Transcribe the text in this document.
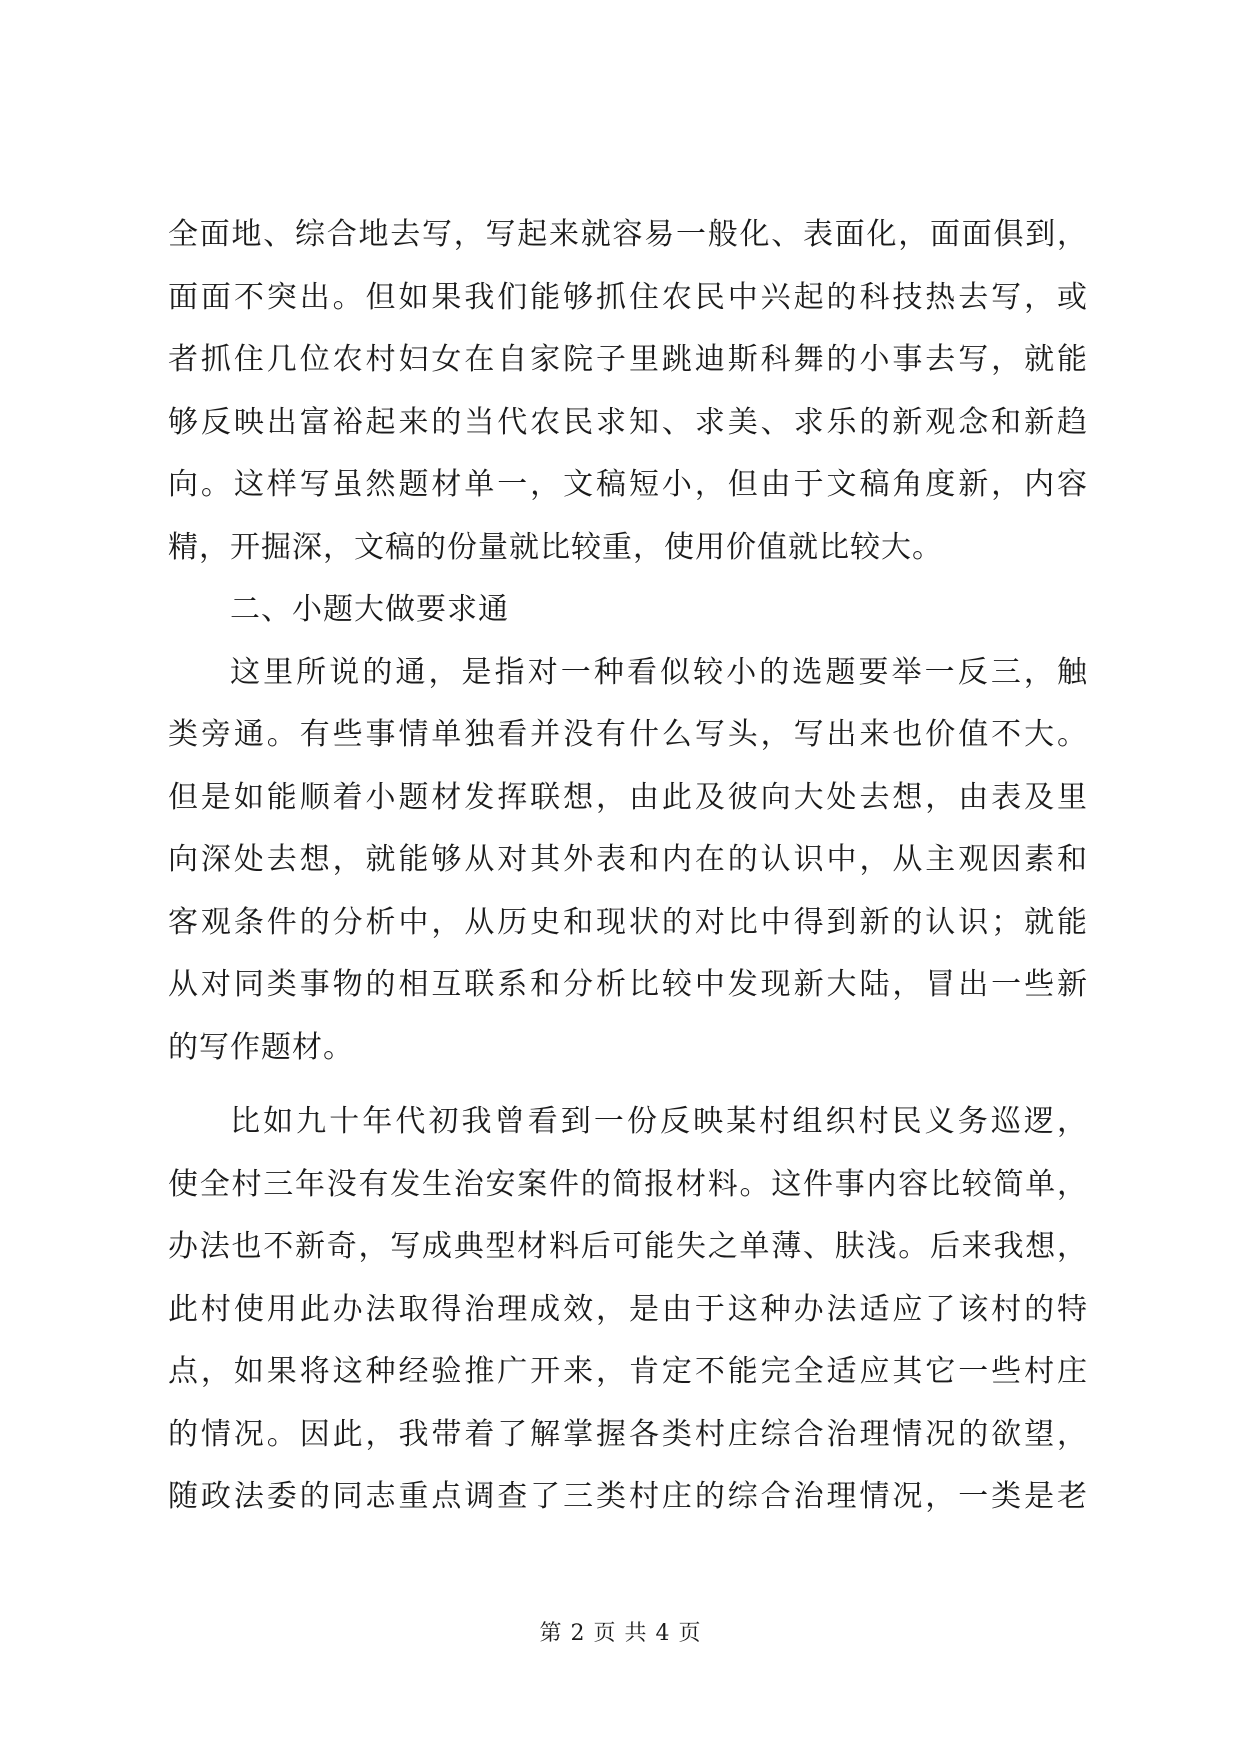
全面地、综合地去写，写起来就容易一般化、表面化，面面俱到，
面面不突出。但如果我们能够抓住农民中兴起的科技热去写，或
者抓住几位农村妇女在自家院子里跳迪斯科舞的小事去写，就能
够反映出富裕起来的当代农民求知、求美、求乐的新观念和新趋
向。这样写虽然题材单一，文稿短小，但由于文稿角度新，内容
精，开掘深，文稿的份量就比较重，使用价值就比较大。
二、小题大做要求通
这里所说的通，是指对一种看似较小的选题要举一反三，触
类旁通。有些事情单独看并没有什么写头，写出来也价值不大。
但是如能顺着小题材发挥联想，由此及彼向大处去想，由表及里
向深处去想，就能够从对其外表和内在的认识中，从主观因素和
客观条件的分析中，从历史和现状的对比中得到新的认识；就能
从对同类事物的相互联系和分析比较中发现新大陆，冒出一些新
的写作题材。
比如九十年代初我曾看到一份反映某村组织村民义务巡逻，
使全村三年没有发生治安案件的简报材料。这件事内容比较简单，
办法也不新奇，写成典型材料后可能失之单薄、肤浅。后来我想，
此村使用此办法取得治理成效，是由于这种办法适应了该村的特
点，如果将这种经验推广开来，肯定不能完全适应其它一些村庄
的情况。因此，我带着了解掌握各类村庄综合治理情况的欲望，
随政法委的同志重点调查了三类村庄的综合治理情况，一类是老
第 2 页 共 4 页
